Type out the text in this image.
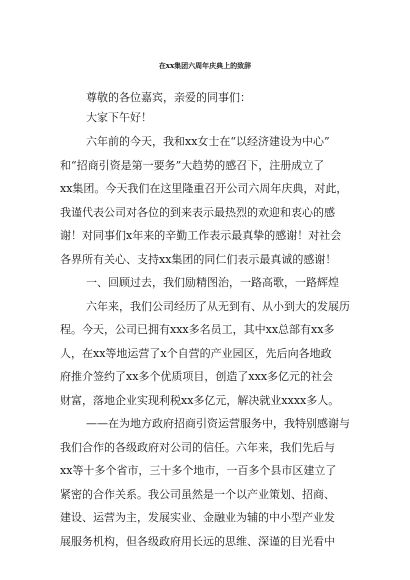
在xx集团六周年庆典上的致辞
尊敬的各位嘉宾，亲爱的同事们：
大家下午好！
六年前的今天，我和xx女士在“以经济建设为中心”
和“招商引资是第一要务”大趋势的感召下，注册成立了
xx集团。今天我们在这里隆重召开公司六周年庆典，对此，
我谨代表公司对各位的到来表示最热烈的欢迎和衷心的感
谢！对同事们x年来的辛勤工作表示最真挚的感谢！对社会
各界所有关心、支持xx集团的同仁们表示最真诚的感谢！
一、回顾过去，我们励精图治，一路高歌，一路辉煌
六年来，我们公司经历了从无到有、从小到大的发展历
程。今天，公司已拥有xxx多名员工，其中xx总部有xx多
人，在xx等地运营了x个自营的产业园区，先后向各地政
府推介签约了xx多个优质项目，创造了xxx多亿元的社会
财富，落地企业实现利税xx多亿元，解决就业xxxx多人。
——在为地方政府招商引资运营服务中，我特别感谢与
我们合作的各级政府对公司的信任。六年来，我们先后与
xx等十多个省市，三十多个地市，一百多个县市区建立了
紧密的合作关系。我公司虽然是一个以产业策划、招商、
建设、运营为主，发展实业、金融业为辅的中小型产业发
展服务机构，但各级政府用长远的思维、深谨的目光看中
